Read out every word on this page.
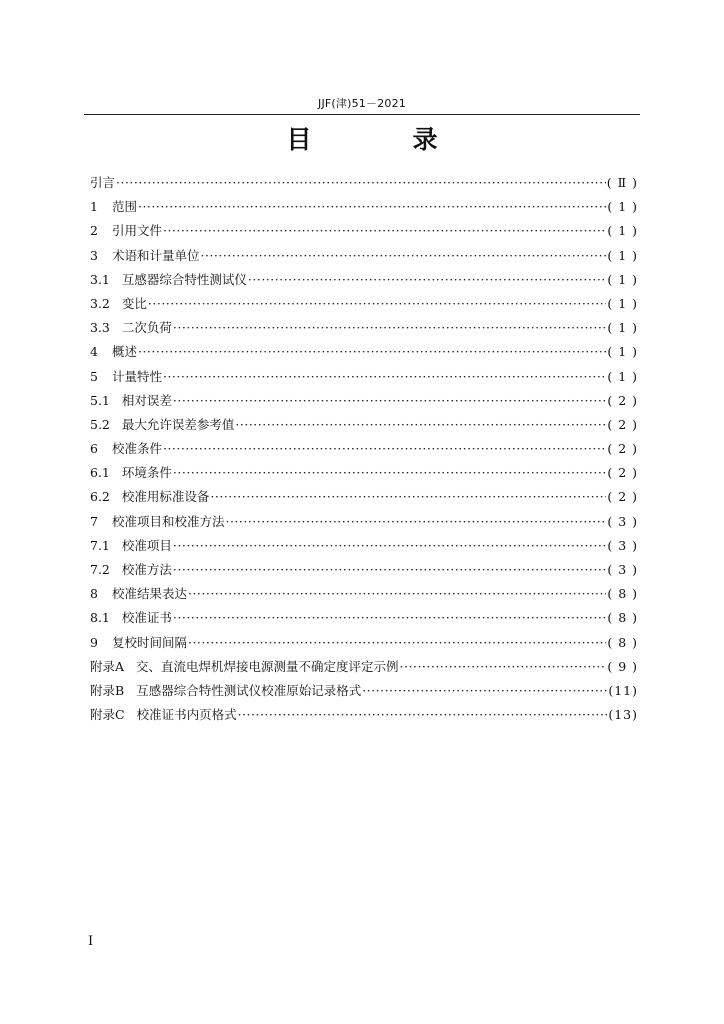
JJF(津)51－2021
目　录
引言 ·····	( Ⅱ )
1 范围 ·····	( 1 )
2 引用文件 ·····	( 1 )
3 术语和计量单位 ·····	( 1 )
3.1 互感器综合特性测试仪 ·····	( 1 )
3.2 变比 ·····	( 1 )
3.3 二次负荷 ·····	( 1 )
4 概述 ·····	( 1 )
5 计量特性 ·····	( 1 )
5.1 相对误差 ·····	( 2 )
5.2 最大允许误差参考值 ·····	( 2 )
6 校准条件 ·····	( 2 )
6.1 环境条件 ·····	( 2 )
6.2 校准用标准设备 ·····	( 2 )
7 校准项目和校准方法 ·····	( 3 )
7.1 校准项目 ·····	( 3 )
7.2 校准方法 ·····	( 3 )
8 校准结果表达 ·····	( 8 )
8.1 校准证书 ·····	( 8 )
9 复校时间间隔 ·····	( 8 )
附录A 交、直流电焊机焊接电源测量不确定度评定示例 ·····	( 9 )
附录B 互感器综合特性测试仪校准原始记录格式 ·····	(11)
附录C 校准证书内页格式 ·····	(13)
Ⅰ
